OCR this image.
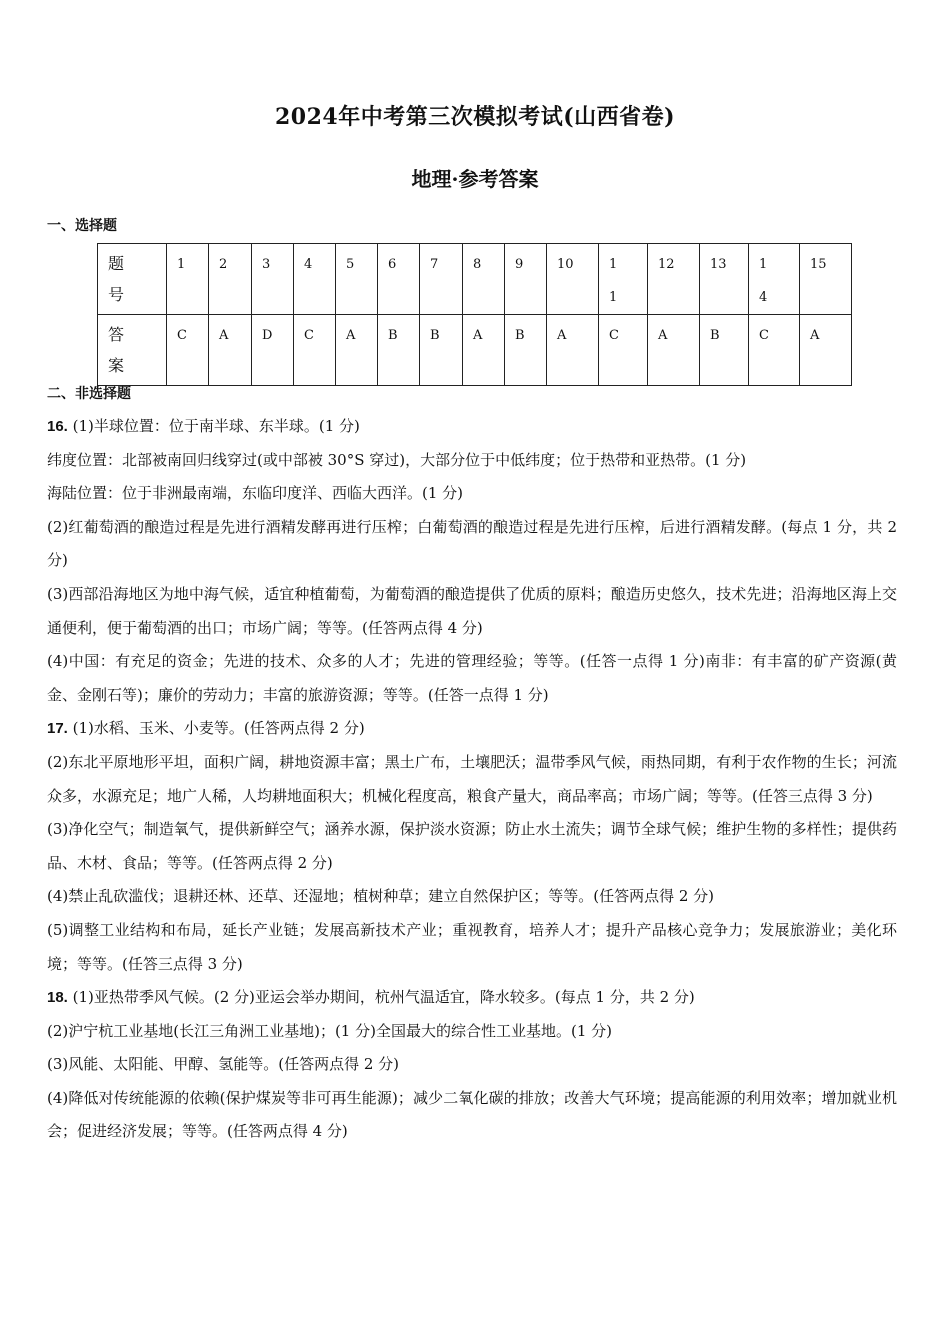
2024年中考第三次模拟考试(山西省卷)
地理·参考答案
一、选择题
题号	1	2	3	4	5	6	7	8	9	10	11	12	13	14	15

答案	C	A	D	C	A	B	B	A	B	A	C	A	B	C	A
二、非选择题

16. (1)半球位置：位于南半球、东半球。(1 分)

纬度位置：北部被南回归线穿过(或中部被 30°S 穿过)，大部分位于中低纬度；位于热带和亚热带。(1 分)

海陆位置：位于非洲最南端，东临印度洋、西临大西洋。(1 分)

(2)红葡萄酒的酿造过程是先进行酒精发酵再进行压榨；白葡萄酒的酿造过程是先进行压榨，后进行酒精发酵。(每点 1 分，共 2 分)

(3)西部沿海地区为地中海气候，适宜种植葡萄，为葡萄酒的酿造提供了优质的原料；酿造历史悠久，技术先进；沿海地区海上交通便利，便于葡萄酒的出口；市场广阔；等等。(任答两点得 4 分)

(4)中国：有充足的资金；先进的技术、众多的人才；先进的管理经验；等等。(任答一点得 1 分)南非：有丰富的矿产资源(黄金、金刚石等)；廉价的劳动力；丰富的旅游资源；等等。(任答一点得 1 分)

17. (1)水稻、玉米、小麦等。(任答两点得 2 分)

(2)东北平原地形平坦，面积广阔，耕地资源丰富；黑土广布，土壤肥沃；温带季风气候，雨热同期，有利于农作物的生长；河流众多，水源充足；地广人稀，人均耕地面积大；机械化程度高，粮食产量大，商品率高；市场广阔；等等。(任答三点得 3 分)

(3)净化空气；制造氧气，提供新鲜空气；涵养水源，保护淡水资源；防止水土流失；调节全球气候；维护生物的多样性；提供药品、木材、食品；等等。(任答两点得 2 分)

(4)禁止乱砍滥伐；退耕还林、还草、还湿地；植树种草；建立自然保护区；等等。(任答两点得 2 分)

(5)调整工业结构和布局，延长产业链；发展高新技术产业；重视教育，培养人才；提升产品核心竞争力；发展旅游业；美化环境；等等。(任答三点得 3 分)

18. (1)亚热带季风气候。(2 分)亚运会举办期间，杭州气温适宜，降水较多。(每点 1 分，共 2 分)

(2)沪宁杭工业基地(长江三角洲工业基地)；(1 分)全国最大的综合性工业基地。(1 分)

(3)风能、太阳能、甲醇、氢能等。(任答两点得 2 分)

(4)降低对传统能源的依赖(保护煤炭等非可再生能源)；减少二氧化碳的排放；改善大气环境；提高能源的利用效率；增加就业机会；促进经济发展；等等。(任答两点得 4 分)
